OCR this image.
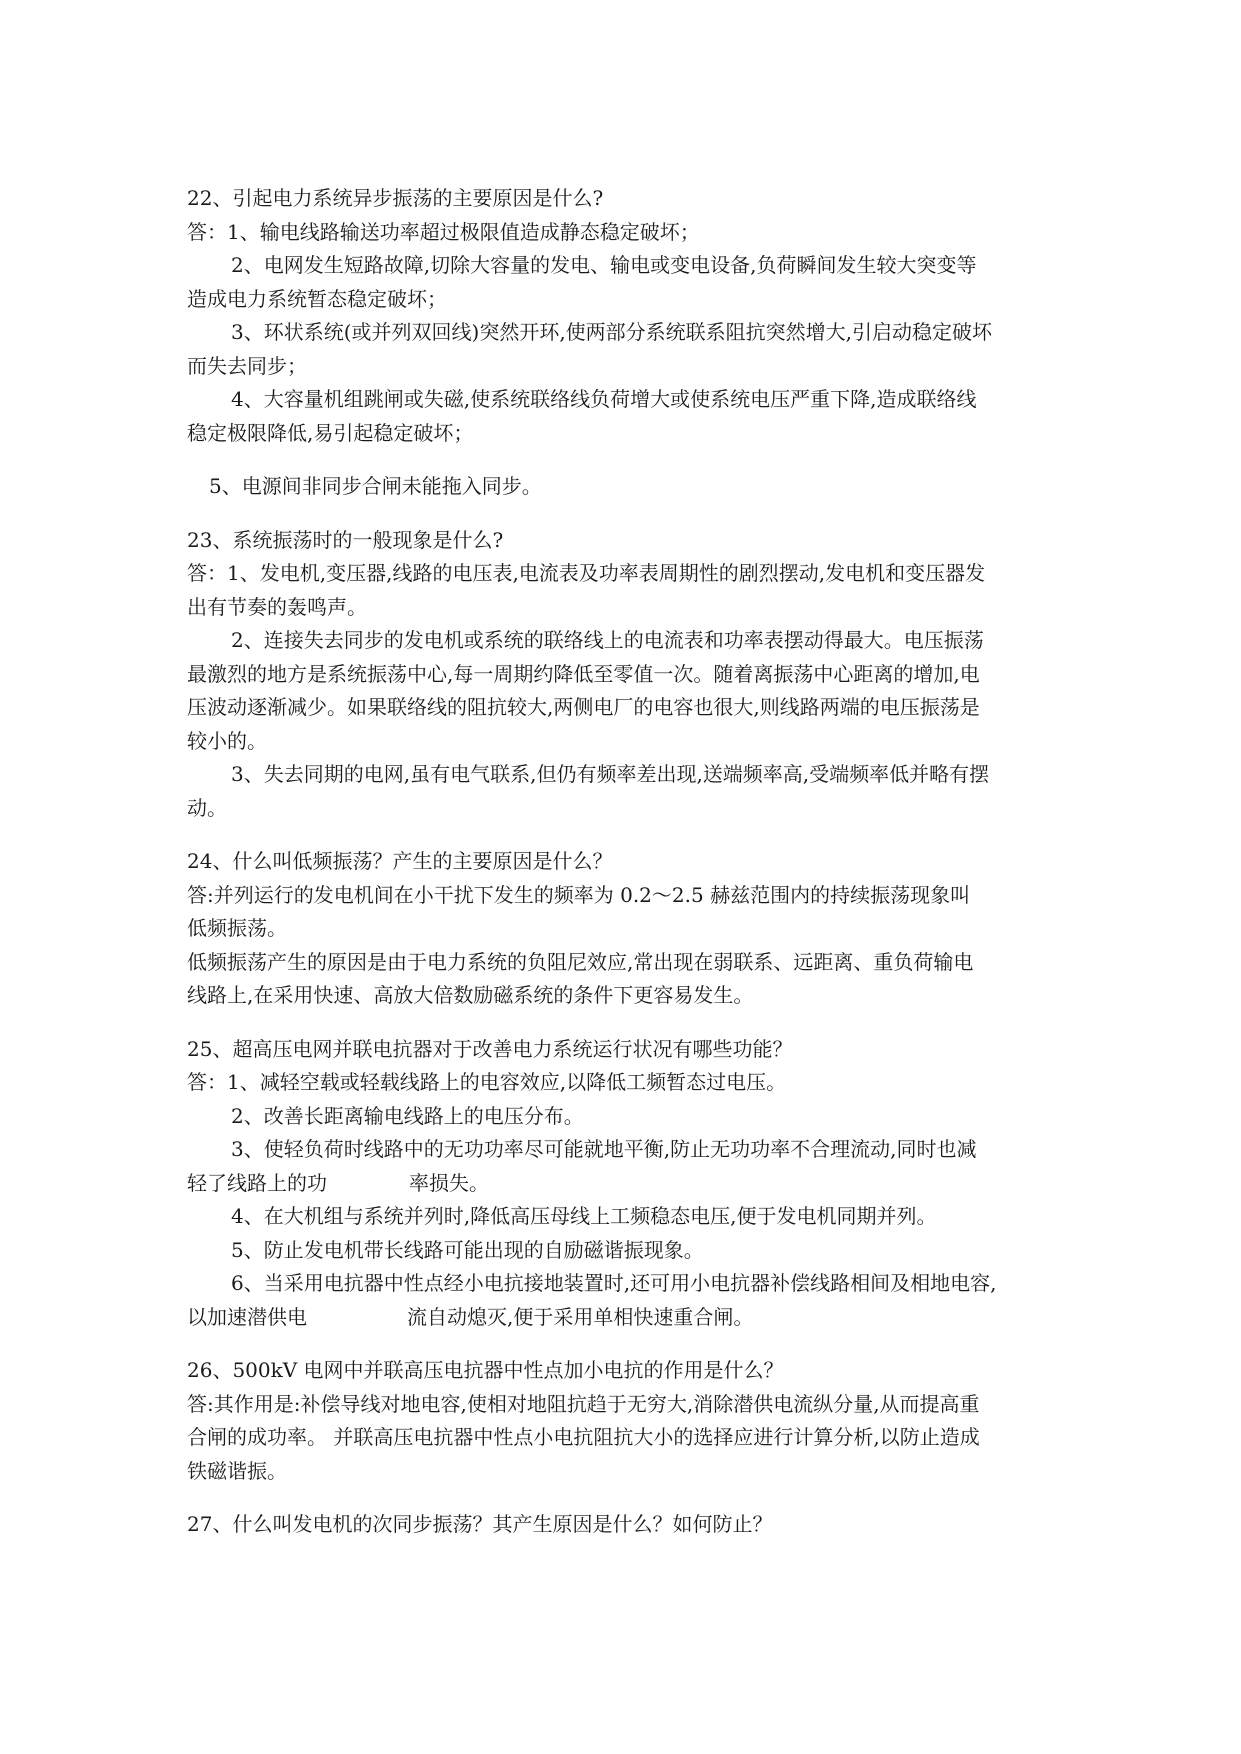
22、引起电力系统异步振荡的主要原因是什么?

答：1、输电线路输送功率超过极限值造成静态稳定破坏；

2、电网发生短路故障,切除大容量的发电、输电或变电设备,负荷瞬间发生较大突变等

造成电力系统暂态稳定破坏；

3、环状系统(或并列双回线)突然开环,使两部分系统联系阻抗突然增大,引启动稳定破坏

而失去同步；

4、大容量机组跳闸或失磁,使系统联络线负荷增大或使系统电压严重下降,造成联络线

稳定极限降低,易引起稳定破坏；

5、电源间非同步合闸未能拖入同步。

23、系统振荡时的一般现象是什么?

答：1、发电机,变压器,线路的电压表,电流表及功率表周期性的剧烈摆动,发电机和变压器发

出有节奏的轰鸣声。

2、连接失去同步的发电机或系统的联络线上的电流表和功率表摆动得最大。电压振荡

最激烈的地方是系统振荡中心,每一周期约降低至零值一次。随着离振荡中心距离的增加,电

压波动逐渐减少。如果联络线的阻抗较大,两侧电厂的电容也很大,则线路两端的电压振荡是

较小的。

3、失去同期的电网,虽有电气联系,但仍有频率差出现,送端频率高,受端频率低并略有摆

动。

24、什么叫低频振荡？产生的主要原因是什么？

答:并列运行的发电机间在小干扰下发生的频率为 0.2～2.5 赫兹范围内的持续振荡现象叫

低频振荡。

低频振荡产生的原因是由于电力系统的负阻尼效应,常出现在弱联系、远距离、重负荷输电

线路上,在采用快速、高放大倍数励磁系统的条件下更容易发生。

25、超高压电网并联电抗器对于改善电力系统运行状况有哪些功能？

答：1、减轻空载或轻载线路上的电容效应,以降低工频暂态过电压。

2、改善长距离输电线路上的电压分布。

3、使轻负荷时线路中的无功功率尽可能就地平衡,防止无功功率不合理流动,同时也减

轻了线路上的功	率损失。

4、在大机组与系统并列时,降低高压母线上工频稳态电压,便于发电机同期并列。

5、防止发电机带长线路可能出现的自励磁谐振现象。

6、当采用电抗器中性点经小电抗接地装置时,还可用小电抗器补偿线路相间及相地电容,

以加速潜供电	流自动熄灭,便于采用单相快速重合闸。

26、500kV 电网中并联高压电抗器中性点加小电抗的作用是什么？

答:其作用是:补偿导线对地电容,使相对地阻抗趋于无穷大,消除潜供电流纵分量,从而提高重

合闸的成功率。 并联高压电抗器中性点小电抗阻抗大小的选择应进行计算分析,以防止造成

铁磁谐振。

27、什么叫发电机的次同步振荡？其产生原因是什么？如何防止？
